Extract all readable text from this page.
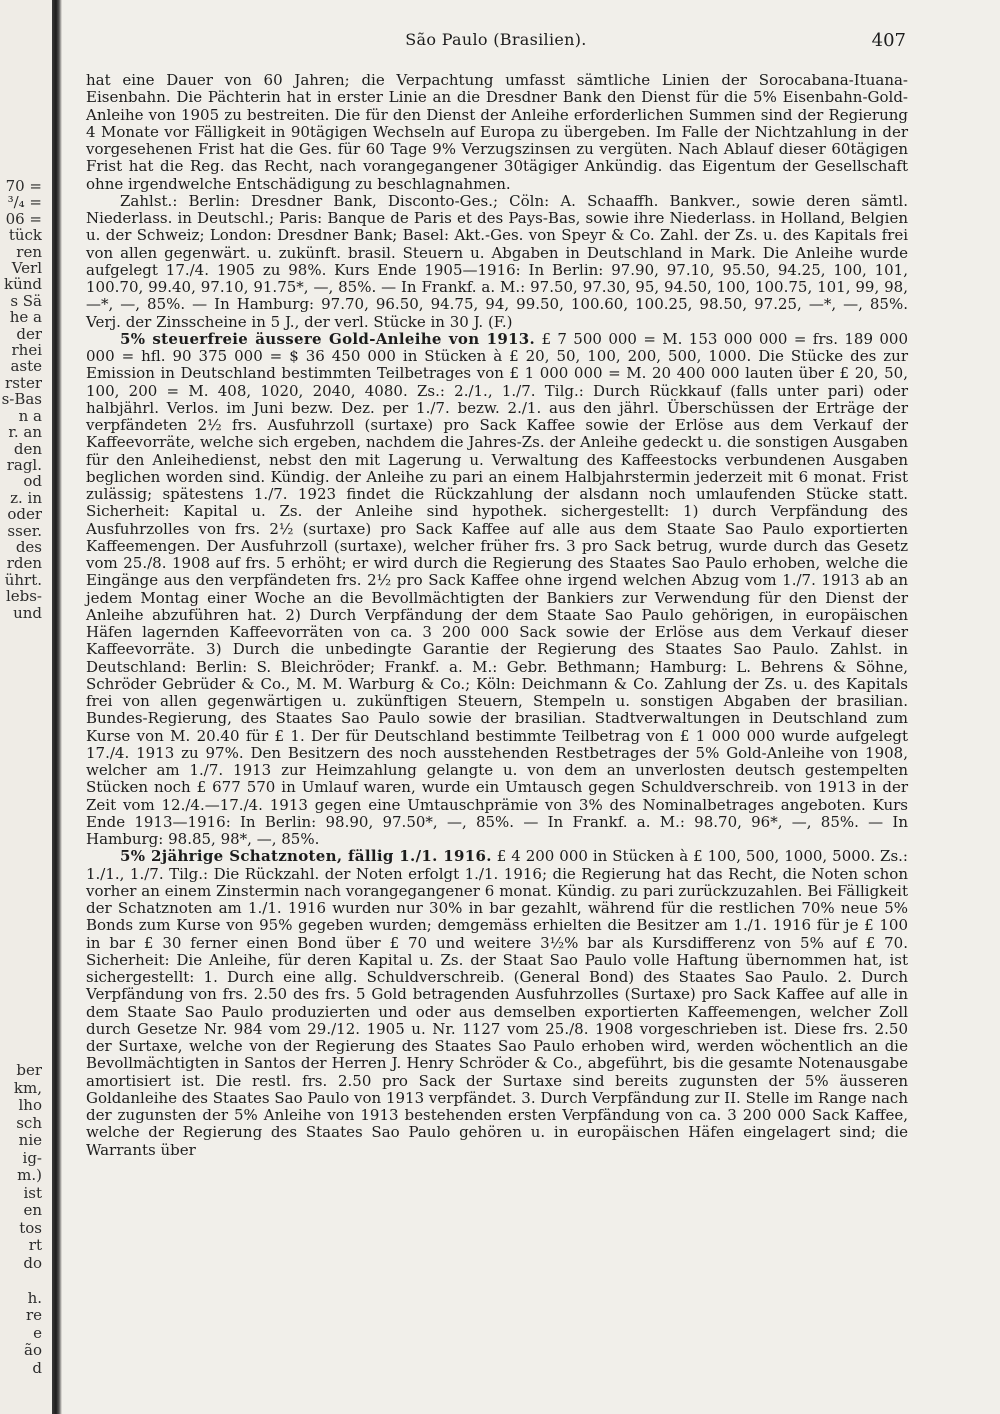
70 =
³/₄ =
06 =
tück
ren
Verl
künd
s Sä
he a
der
rhei
aste
rster
s-Bas
n a
r. an
den
ragl.
od
z. in
oder
sser.
des
rden
ührt.
lebs-
und
ber
km,
lho
sch
nie
ig-
m.)
ist
en
tos
rt
do

h.
re
e
ão
d
São Paulo (Brasilien).	407

hat eine Dauer von 60 Jahren; die Verpachtung umfasst sämtliche Linien der Sorocabana-Ituana-Eisenbahn. Die Pächterin hat in erster Linie an die Dresdner Bank den Dienst für die 5% Eisenbahn-Gold-Anleihe von 1905 zu bestreiten. Die für den Dienst der Anleihe erforderlichen Summen sind der Regierung 4 Monate vor Fälligkeit in 90tägigen Wechseln auf Europa zu übergeben. Im Falle der Nichtzahlung in der vorgesehenen Frist hat die Ges. für 60 Tage 9% Verzugszinsen zu vergüten. Nach Ablauf dieser 60tägigen Frist hat die Reg. das Recht, nach vorangegangener 30tägiger Ankündig. das Eigentum der Gesellschaft ohne irgendwelche Entschädigung zu beschlagnahmen.

Zahlst.: Berlin: Dresdner Bank, Disconto-Ges.; Cöln: A. Schaaffh. Bankver., sowie deren sämtl. Niederlass. in Deutschl.; Paris: Banque de Paris et des Pays-Bas, sowie ihre Niederlass. in Holland, Belgien u. der Schweiz; London: Dresdner Bank; Basel: Akt.-Ges. von Speyr & Co. Zahl. der Zs. u. des Kapitals frei von allen gegenwärt. u. zukünft. brasil. Steuern u. Abgaben in Deutschland in Mark. Die Anleihe wurde aufgelegt 17./4. 1905 zu 98%. Kurs Ende 1905—1916: In Berlin: 97.90, 97.10, 95.50, 94.25, 100, 101, 100.70, 99.40, 97.10, 91.75*, —, 85%. — In Frankf. a. M.: 97.50, 97.30, 95, 94.50, 100, 100.75, 101, 99, 98, —*, —, 85%. — In Hamburg: 97.70, 96.50, 94.75, 94, 99.50, 100.60, 100.25, 98.50, 97.25, —*, —, 85%. Verj. der Zinsscheine in 5 J., der verl. Stücke in 30 J. (F.)

5% steuerfreie äussere Gold-Anleihe von 1913. £ 7 500 000 = M. 153 000 000 = frs. 189 000 000 = hfl. 90 375 000 = $ 36 450 000 in Stücken à £ 20, 50, 100, 200, 500, 1000. Die Stücke des zur Emission in Deutschland bestimmten Teilbetrages von £ 1 000 000 = M. 20 400 000 lauten über £ 20, 50, 100, 200 = M. 408, 1020, 2040, 4080. Zs.: 2./1., 1./7. Tilg.: Durch Rückkauf (falls unter pari) oder halbjährl. Verlos. im Juni bezw. Dez. per 1./7. bezw. 2./1. aus den jährl. Überschüssen der Erträge der verpfändeten 2½ frs. Ausfuhrzoll (surtaxe) pro Sack Kaffee sowie der Erlöse aus dem Verkauf der Kaffeevorräte, welche sich ergeben, nachdem die Jahres-Zs. der Anleihe gedeckt u. die sonstigen Ausgaben für den Anleihedienst, nebst den mit Lagerung u. Verwaltung des Kaffeestocks verbundenen Ausgaben beglichen worden sind. Kündig. der Anleihe zu pari an einem Halbjahrstermin jederzeit mit 6 monat. Frist zulässig; spätestens 1./7. 1923 findet die Rückzahlung der alsdann noch umlaufenden Stücke statt. Sicherheit: Kapital u. Zs. der Anleihe sind hypothek. sichergestellt: 1) durch Verpfändung des Ausfuhrzolles von frs. 2½ (surtaxe) pro Sack Kaffee auf alle aus dem Staate Sao Paulo exportierten Kaffeemengen. Der Ausfuhrzoll (surtaxe), welcher früher frs. 3 pro Sack betrug, wurde durch das Gesetz vom 25./8. 1908 auf frs. 5 erhöht; er wird durch die Regierung des Staates Sao Paulo erhoben, welche die Eingänge aus den verpfändeten frs. 2½ pro Sack Kaffee ohne irgend welchen Abzug vom 1./7. 1913 ab an jedem Montag einer Woche an die Bevollmächtigten der Bankiers zur Verwendung für den Dienst der Anleihe abzuführen hat. 2) Durch Verpfändung der dem Staate Sao Paulo gehörigen, in europäischen Häfen lagernden Kaffeevorräten von ca. 3 200 000 Sack sowie der Erlöse aus dem Verkauf dieser Kaffeevorräte. 3) Durch die unbedingte Garantie der Regierung des Staates Sao Paulo. Zahlst. in Deutschland: Berlin: S. Bleichröder; Frankf. a. M.: Gebr. Bethmann; Hamburg: L. Behrens & Söhne, Schröder Gebrüder & Co., M. M. Warburg & Co.; Köln: Deichmann & Co. Zahlung der Zs. u. des Kapitals frei von allen gegenwärtigen u. zukünftigen Steuern, Stempeln u. sonstigen Abgaben der brasilian. Bundes-Regierung, des Staates Sao Paulo sowie der brasilian. Stadtverwaltungen in Deutschland zum Kurse von M. 20.40 für £ 1. Der für Deutschland bestimmte Teilbetrag von £ 1 000 000 wurde aufgelegt 17./4. 1913 zu 97%. Den Besitzern des noch ausstehenden Restbetrages der 5% Gold-Anleihe von 1908, welcher am 1./7. 1913 zur Heimzahlung gelangte u. von dem an unverlosten deutsch gestempelten Stücken noch £ 677 570 in Umlauf waren, wurde ein Umtausch gegen Schuldverschreib. von 1913 in der Zeit vom 12./4.—17./4. 1913 gegen eine Umtauschprämie von 3% des Nominalbetrages angeboten. Kurs Ende 1913—1916: In Berlin: 98.90, 97.50*, —, 85%. — In Frankf. a. M.: 98.70, 96*, —, 85%. — In Hamburg: 98.85, 98*, —, 85%.

5% 2jährige Schatznoten, fällig 1./1. 1916. £ 4 200 000 in Stücken à £ 100, 500, 1000, 5000. Zs.: 1./1., 1./7. Tilg.: Die Rückzahl. der Noten erfolgt 1./1. 1916; die Regierung hat das Recht, die Noten schon vorher an einem Zinstermin nach vorangegangener 6 monat. Kündig. zu pari zurückzuzahlen. Bei Fälligkeit der Schatznoten am 1./1. 1916 wurden nur 30% in bar gezahlt, während für die restlichen 70% neue 5% Bonds zum Kurse von 95% gegeben wurden; demgemäss erhielten die Besitzer am 1./1. 1916 für je £ 100 in bar £ 30 ferner einen Bond über £ 70 und weitere 3½% bar als Kursdifferenz von 5% auf £ 70. Sicherheit: Die Anleihe, für deren Kapital u. Zs. der Staat Sao Paulo volle Haftung übernommen hat, ist sichergestellt: 1. Durch eine allg. Schuldverschreib. (General Bond) des Staates Sao Paulo. 2. Durch Verpfändung von frs. 2.50 des frs. 5 Gold betragenden Ausfuhrzolles (Surtaxe) pro Sack Kaffee auf alle in dem Staate Sao Paulo produzierten und oder aus demselben exportierten Kaffeemengen, welcher Zoll durch Gesetze Nr. 984 vom 29./12. 1905 u. Nr. 1127 vom 25./8. 1908 vorgeschrieben ist. Diese frs. 2.50 der Surtaxe, welche von der Regierung des Staates Sao Paulo erhoben wird, werden wöchentlich an die Bevollmächtigten in Santos der Herren J. Henry Schröder & Co., abgeführt, bis die gesamte Notenausgabe amortisiert ist. Die restl. frs. 2.50 pro Sack der Surtaxe sind bereits zugunsten der 5% äusseren Goldanleihe des Staates Sao Paulo von 1913 verpfändet. 3. Durch Verpfändung zur II. Stelle im Range nach der zugunsten der 5% Anleihe von 1913 bestehenden ersten Verpfändung von ca. 3 200 000 Sack Kaffee, welche der Regierung des Staates Sao Paulo gehören u. in europäischen Häfen eingelagert sind; die Warrants über
